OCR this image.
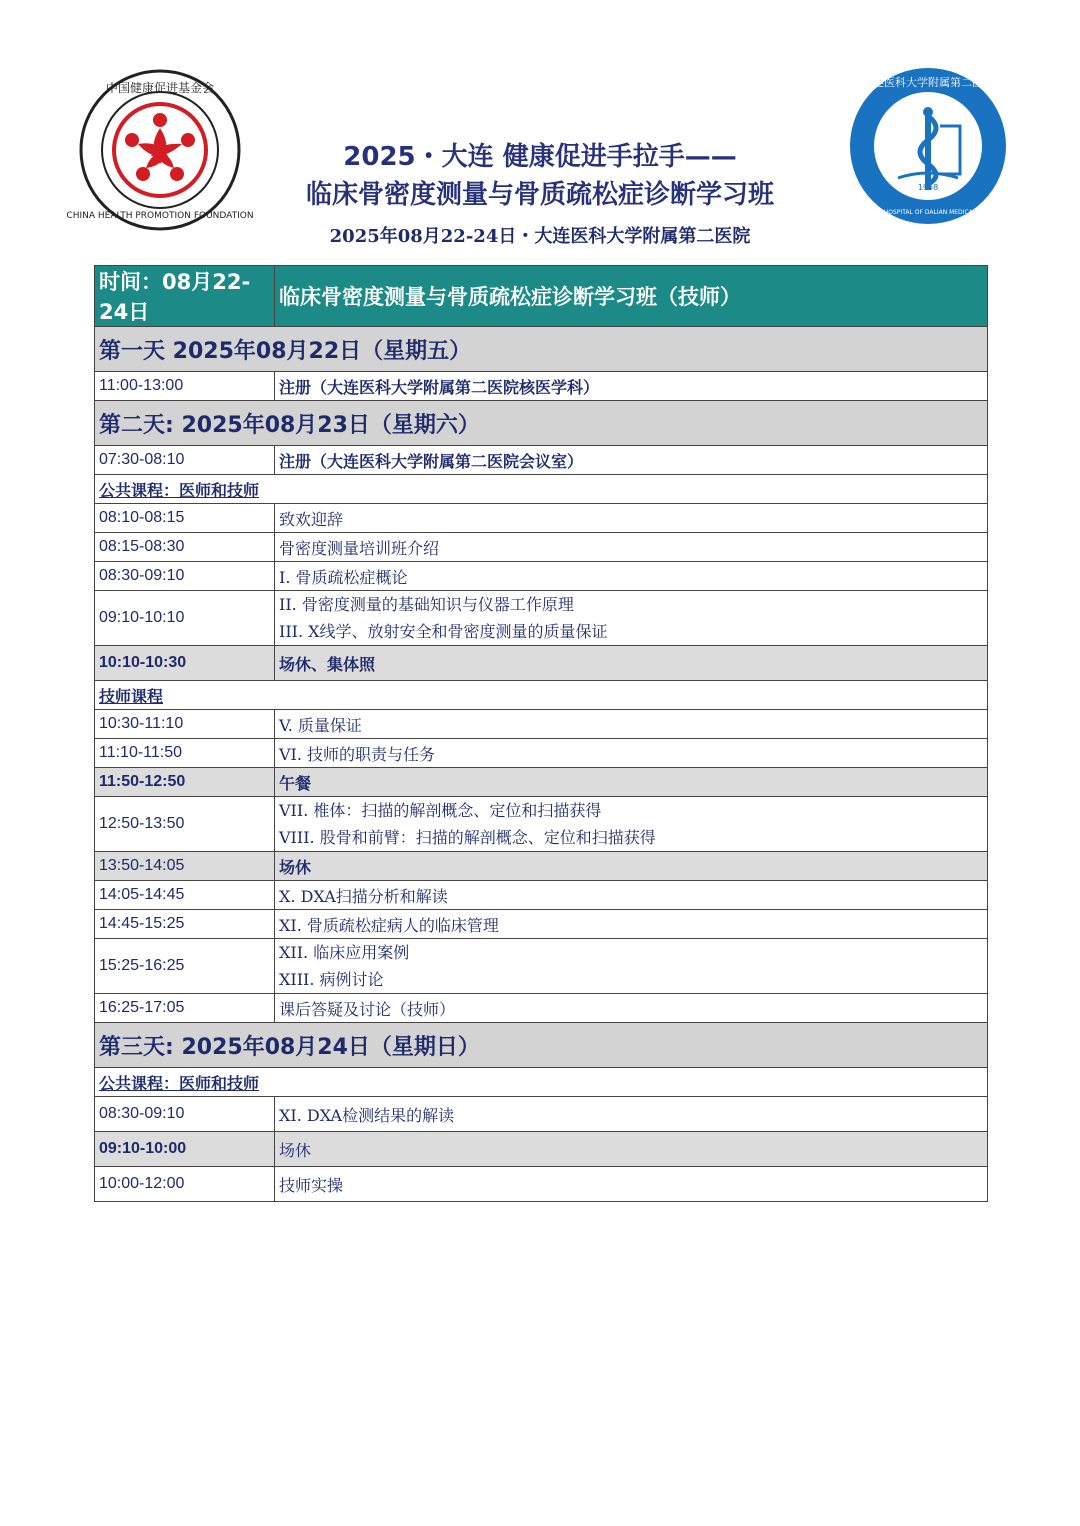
中国健康促进基金会
CHINA HEALTH PROMOTION FOUNDATION
1958
大连医科大学附属第二医院
THE SECOND HOSPITAL OF DALIAN MEDICAL UNIVERSITY
2025・大连 健康促进手拉手——
临床骨密度测量与骨质疏松症诊断学习班
2025年08月22-24日・大连医科大学附属第二医院
时间：08月22-24日	临床骨密度测量与骨质疏松症诊断学习班（技师）
第一天 2025年08月22日（星期五）	
11:00-13:00	注册（大连医科大学附属第二医院核医学科）
第二天: 2025年08月23日（星期六）	
07:30-08:10	注册（大连医科大学附属第二医院会议室）
公共课程：医师和技师	
08:10-08:15	致欢迎辞
08:15-08:30	骨密度测量培训班介绍
08:30-09:10	I. 骨质疏松症概论
09:10-10:10	II. 骨密度测量的基础知识与仪器工作原理
III. X线学、放射安全和骨密度测量的质量保证

10:10-10:30	场休、集体照
技师课程	
10:30-11:10	V. 质量保证
11:10-11:50	VI. 技师的职责与任务
11:50-12:50	午餐
12:50-13:50	VII. 椎体：扫描的解剖概念、定位和扫描获得
VIII. 股骨和前臂：扫描的解剖概念、定位和扫描获得

13:50-14:05	场休
14:05-14:45	X. DXA扫描分析和解读
14:45-15:25	XI. 骨质疏松症病人的临床管理
15:25-16:25	XII. 临床应用案例
XIII. 病例讨论

16:25-17:05	课后答疑及讨论（技师）
第三天: 2025年08月24日（星期日）	
公共课程：医师和技师	
08:30-09:10	XI. DXA检测结果的解读
09:10-10:00	场休
10:00-12:00	技师实操
